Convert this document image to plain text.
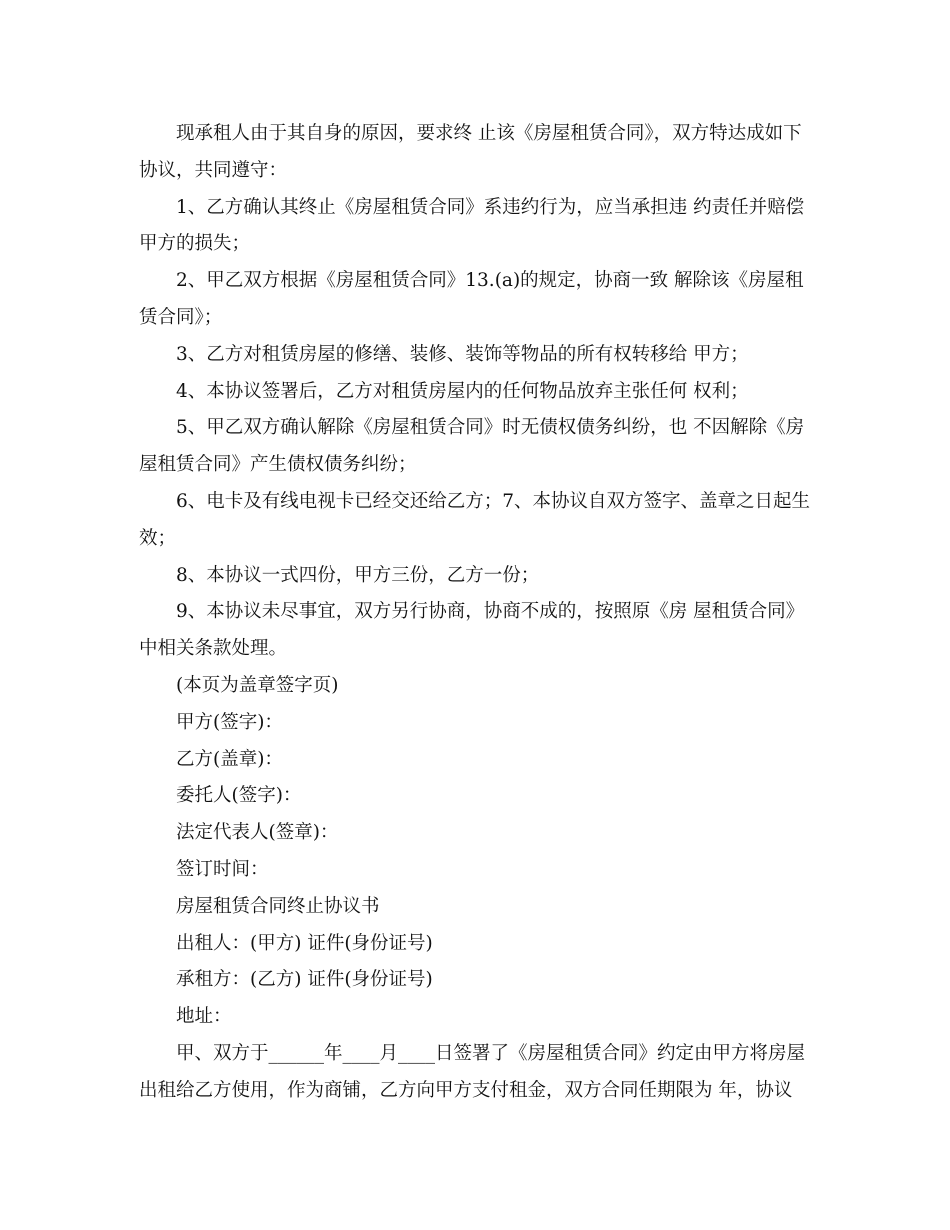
现承租人由于其自身的原因，要求终 止该《房屋租赁合同》，双方特达成如下协议，共同遵守：

1、乙方确认其终止《房屋租赁合同》系违约行为，应当承担违 约责任并赔偿甲方的损失；

2、甲乙双方根据《房屋租赁合同》13.(a)的规定，协商一致 解除该《房屋租赁合同》；

3、乙方对租赁房屋的修缮、装修、装饰等物品的所有权转移给 甲方；

4、本协议签署后，乙方对租赁房屋内的任何物品放弃主张任何 权利；

5、甲乙双方确认解除《房屋租赁合同》时无债权债务纠纷，也 不因解除《房屋租赁合同》产生债权债务纠纷；

6、电卡及有线电视卡已经交还给乙方；7、本协议自双方签字、盖章之日起生效；

8、本协议一式四份，甲方三份，乙方一份；

9、本协议未尽事宜，双方另行协商，协商不成的，按照原《房 屋租赁合同》中相关条款处理。

(本页为盖章签字页)

甲方(签字)：

乙方(盖章)：

委托人(签字)：

法定代表人(签章)：

签订时间：

房屋租赁合同终止协议书

出租人：(甲方) 证件(身份证号)

承租方：(乙方) 证件(身份证号)

地址：

甲、双方于______年____月____日签署了《房屋租赁合同》约定由甲方将房屋出租给乙方使用，作为商铺，乙方向甲方支付租金，双方合同任期限为 年，协议
